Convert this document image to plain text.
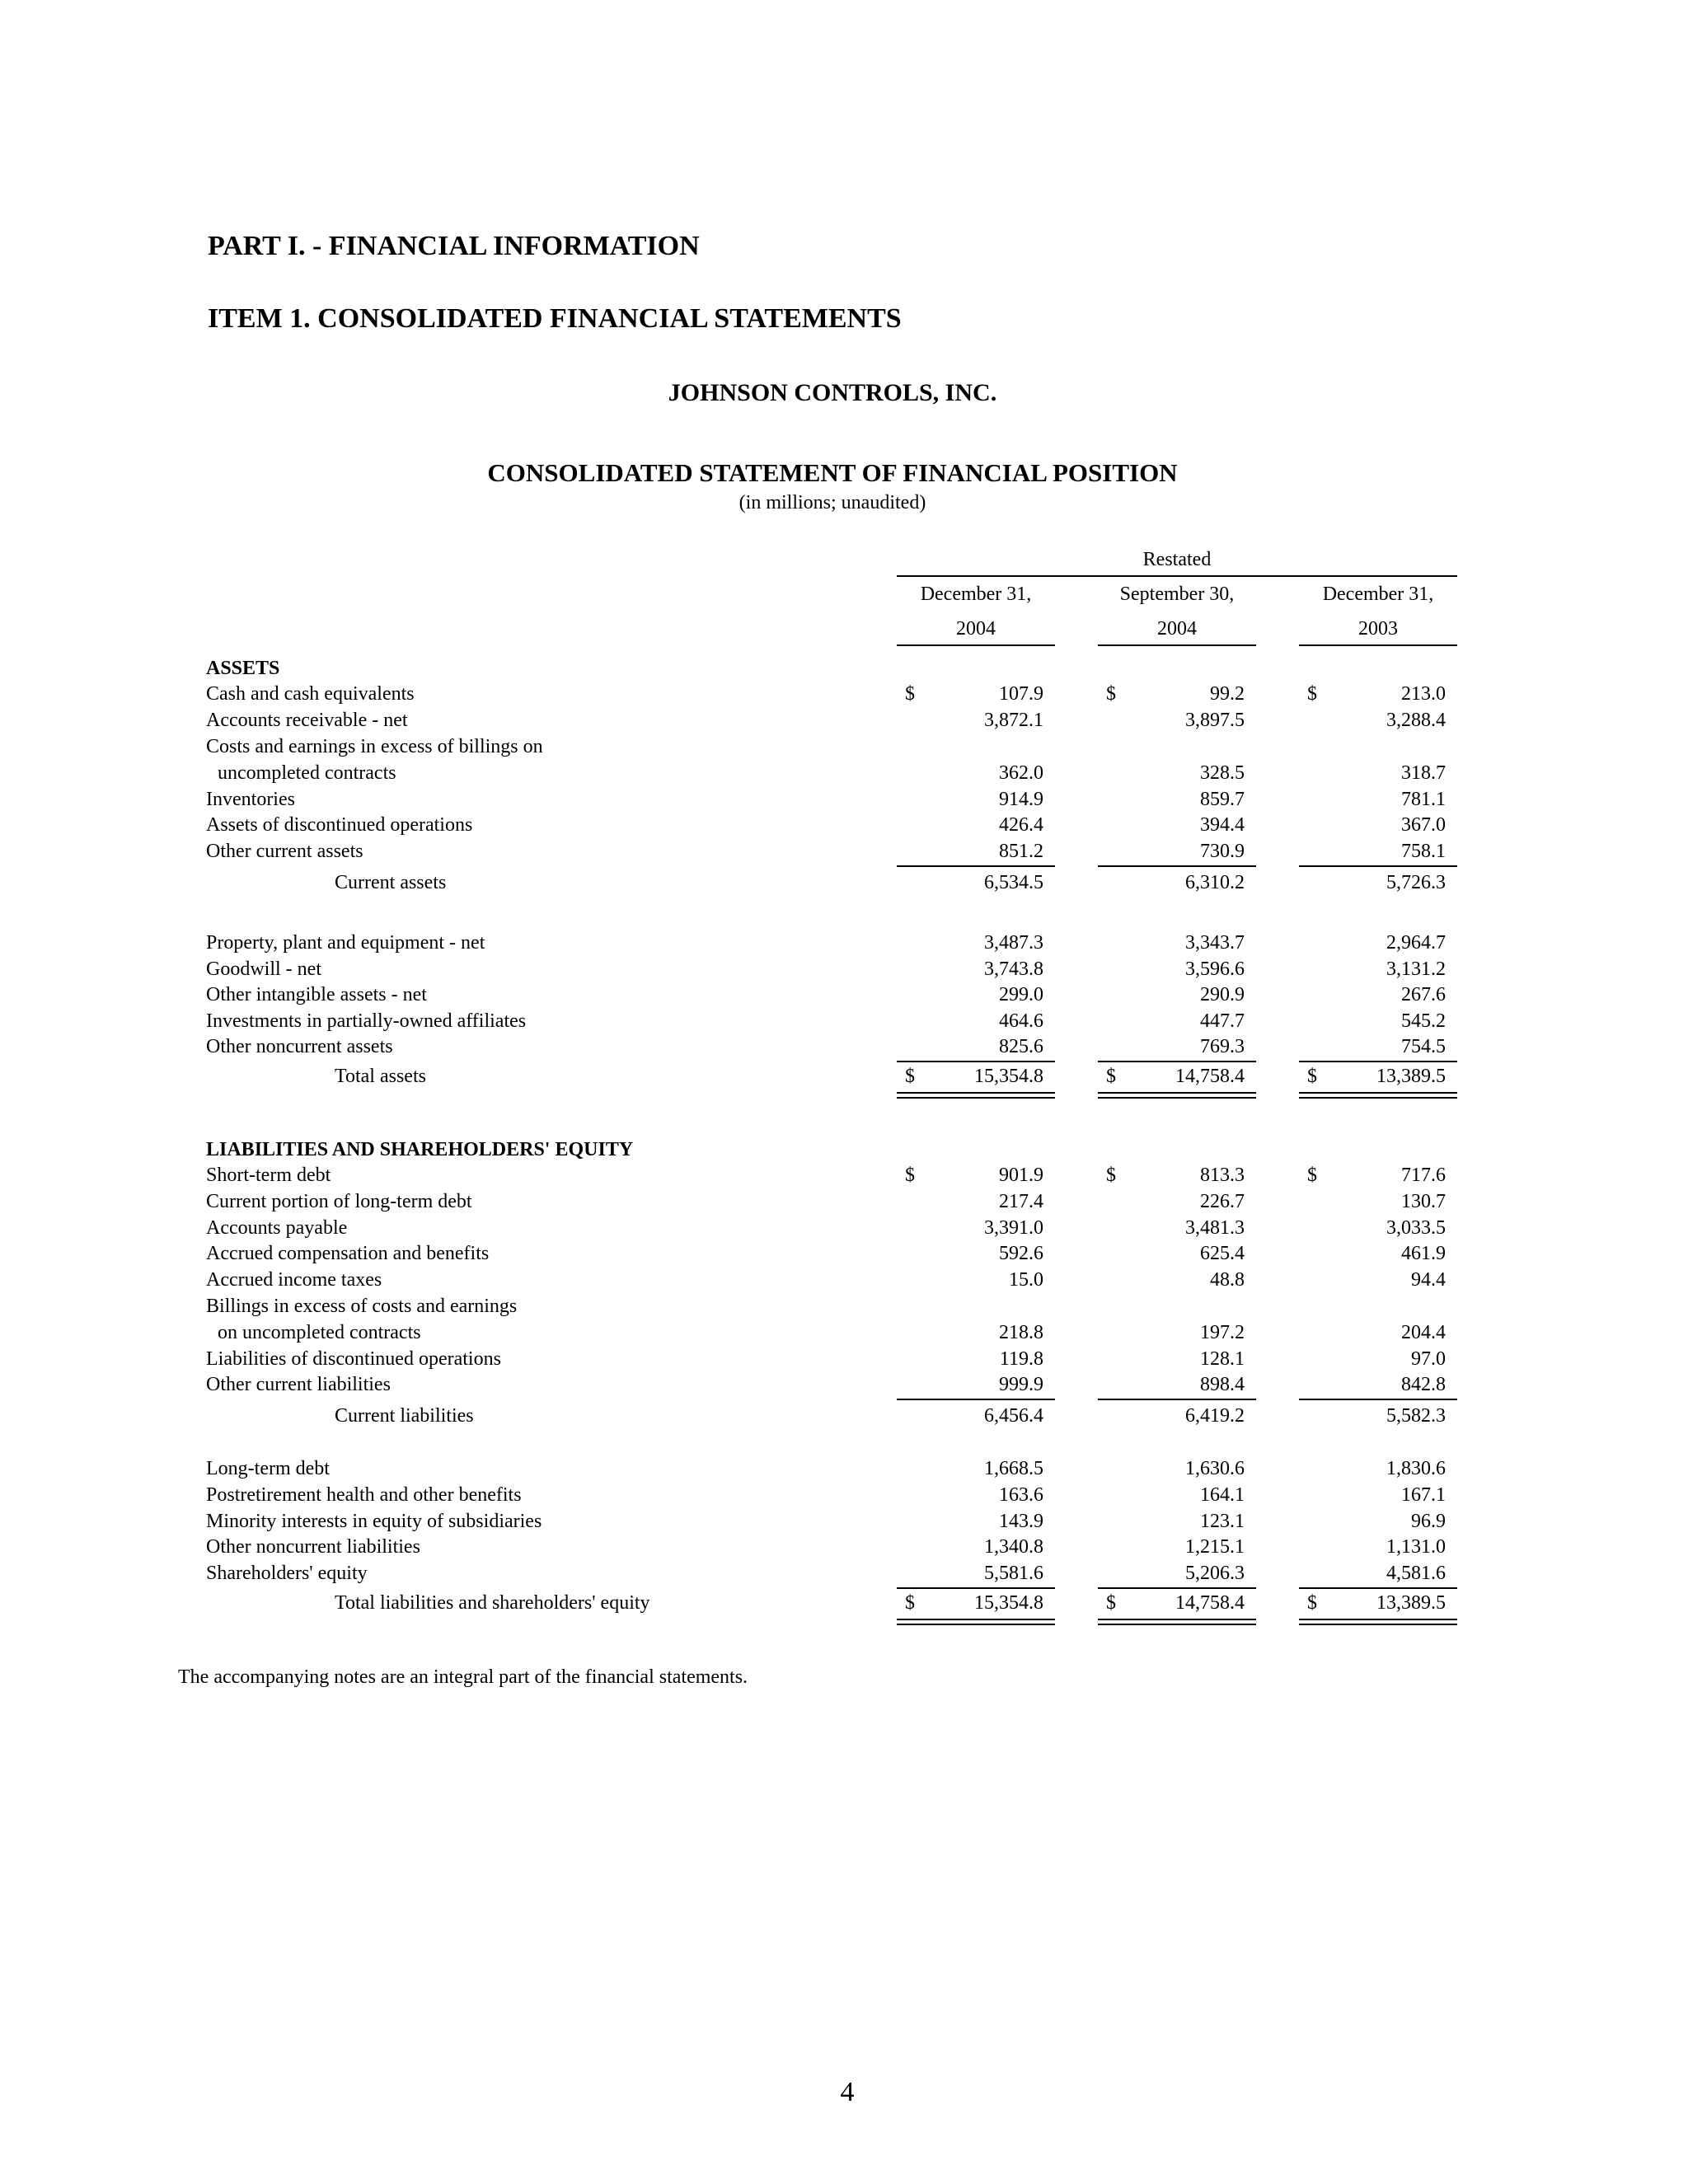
PART I. - FINANCIAL INFORMATION
ITEM 1. CONSOLIDATED FINANCIAL STATEMENTS
JOHNSON CONTROLS, INC.
CONSOLIDATED STATEMENT OF FINANCIAL POSITION
(in millions; unaudited)
Restated
December 31,	September 30,	December 31,
2004	2004	2003
ASSETS
Cash and cash equivalents	$	107.9	$	99.2	$	213.0
Accounts receivable - net	3,872.1	3,897.5	3,288.4
Costs and earnings in excess of billings on
uncompleted contracts	362.0	328.5	318.7
Inventories	914.9	859.7	781.1
Assets of discontinued operations	426.4	394.4	367.0
Other current assets	851.2	730.9	758.1
Current assets	6,534.5	6,310.2	5,726.3
Property, plant and equipment - net	3,487.3	3,343.7	2,964.7
Goodwill - net	3,743.8	3,596.6	3,131.2
Other intangible assets - net	299.0	290.9	267.6
Investments in partially-owned affiliates	464.6	447.7	545.2
Other noncurrent assets	825.6	769.3	754.5
Total assets	$	15,354.8	$	14,758.4	$	13,389.5
LIABILITIES AND SHAREHOLDERS' EQUITY
Short-term debt	$	901.9	$	813.3	$	717.6
Current portion of long-term debt	217.4	226.7	130.7
Accounts payable	3,391.0	3,481.3	3,033.5
Accrued compensation and benefits	592.6	625.4	461.9
Accrued income taxes	15.0	48.8	94.4
Billings in excess of costs and earnings
on uncompleted contracts	218.8	197.2	204.4
Liabilities of discontinued operations	119.8	128.1	97.0
Other current liabilities	999.9	898.4	842.8
Current liabilities	6,456.4	6,419.2	5,582.3
Long-term debt	1,668.5	1,630.6	1,830.6
Postretirement health and other benefits	163.6	164.1	167.1
Minority interests in equity of subsidiaries	143.9	123.1	96.9
Other noncurrent liabilities	1,340.8	1,215.1	1,131.0
Shareholders' equity	5,581.6	5,206.3	4,581.6
Total liabilities and shareholders' equity	$	15,354.8	$	14,758.4	$	13,389.5
The accompanying notes are an integral part of the financial statements.
4
